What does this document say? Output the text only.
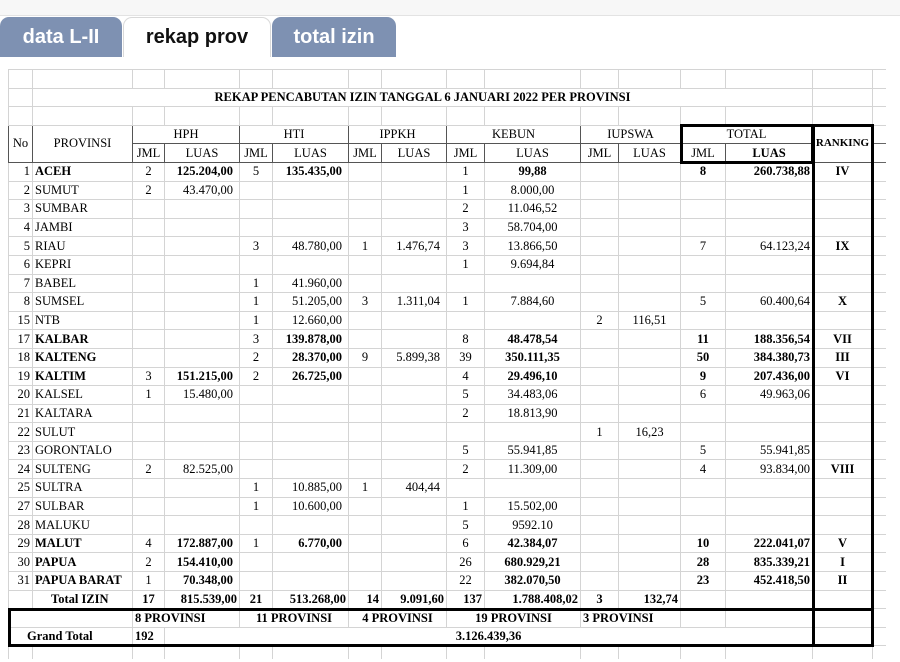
data L-II	rekap prov	total izin

	REKAP PENCABUTAN IZIN TANGGAL 6 JANUARI 2022 PER PROVINSI														

No	PROVINSI	HPH		HTI		IPPKH		KEBUN		IUPSWA		TOTAL		RANKING	
		JML	LUAS	JML	LUAS	JML	LUAS	JML	LUAS	JML	LUAS	JML	LUAS		
1	ACEH	2	125.204,00	5	135.435,00			1	99,88			8	260.738,88	IV	
2	SUMUT	2	43.470,00					1	8.000,00						
3	SUMBAR							2	11.046,52						
4	JAMBI							3	58.704,00						
5	RIAU			3	48.780,00	1	1.476,74	3	13.866,50			7	64.123,24	IX	
6	KEPRI							1	9.694,84						
7	BABEL			1	41.960,00										
8	SUMSEL			1	51.205,00	3	1.311,04	1	7.884,60			5	60.400,64	X	
15	NTB			1	12.660,00					2	116,51				
17	KALBAR			3	139.878,00			8	48.478,54			11	188.356,54	VII	
18	KALTENG			2	28.370,00	9	5.899,38	39	350.111,35			50	384.380,73	III	
19	KALTIM	3	151.215,00	2	26.725,00			4	29.496,10			9	207.436,00	VI	
20	KALSEL	1	15.480,00					5	34.483,06			6	49.963,06		
21	KALTARA							2	18.813,90						
22	SULUT									1	16,23				
23	GORONTALO							5	55.941,85			5	55.941,85		
24	SULTENG	2	82.525,00					2	11.309,00			4	93.834,00	VIII	
25	SULTRA			1	10.885,00	1	404,44								
27	SULBAR			1	10.600,00			1	15.502,00						
28	MALUKU							5	9592.10						
29	MALUT	4	172.887,00	1	6.770,00			6	42.384,07			10	222.041,07	V	
30	PAPUA	2	154.410,00					26	680.929,21			28	835.339,21	I	
31	PAPUA BARAT	1	70.348,00					22	382.070,50			23	452.418,50	II	
	Total IZIN	17	815.539,00	21	513.268,00	14	9.091,60	137	1.788.408,02	3	132,74				
		8 PROVINSI		11 PROVINSI		4 PROVINSI		19 PROVINSI		3 PROVINSI					
Grand Total		192	3.126.439,36												
